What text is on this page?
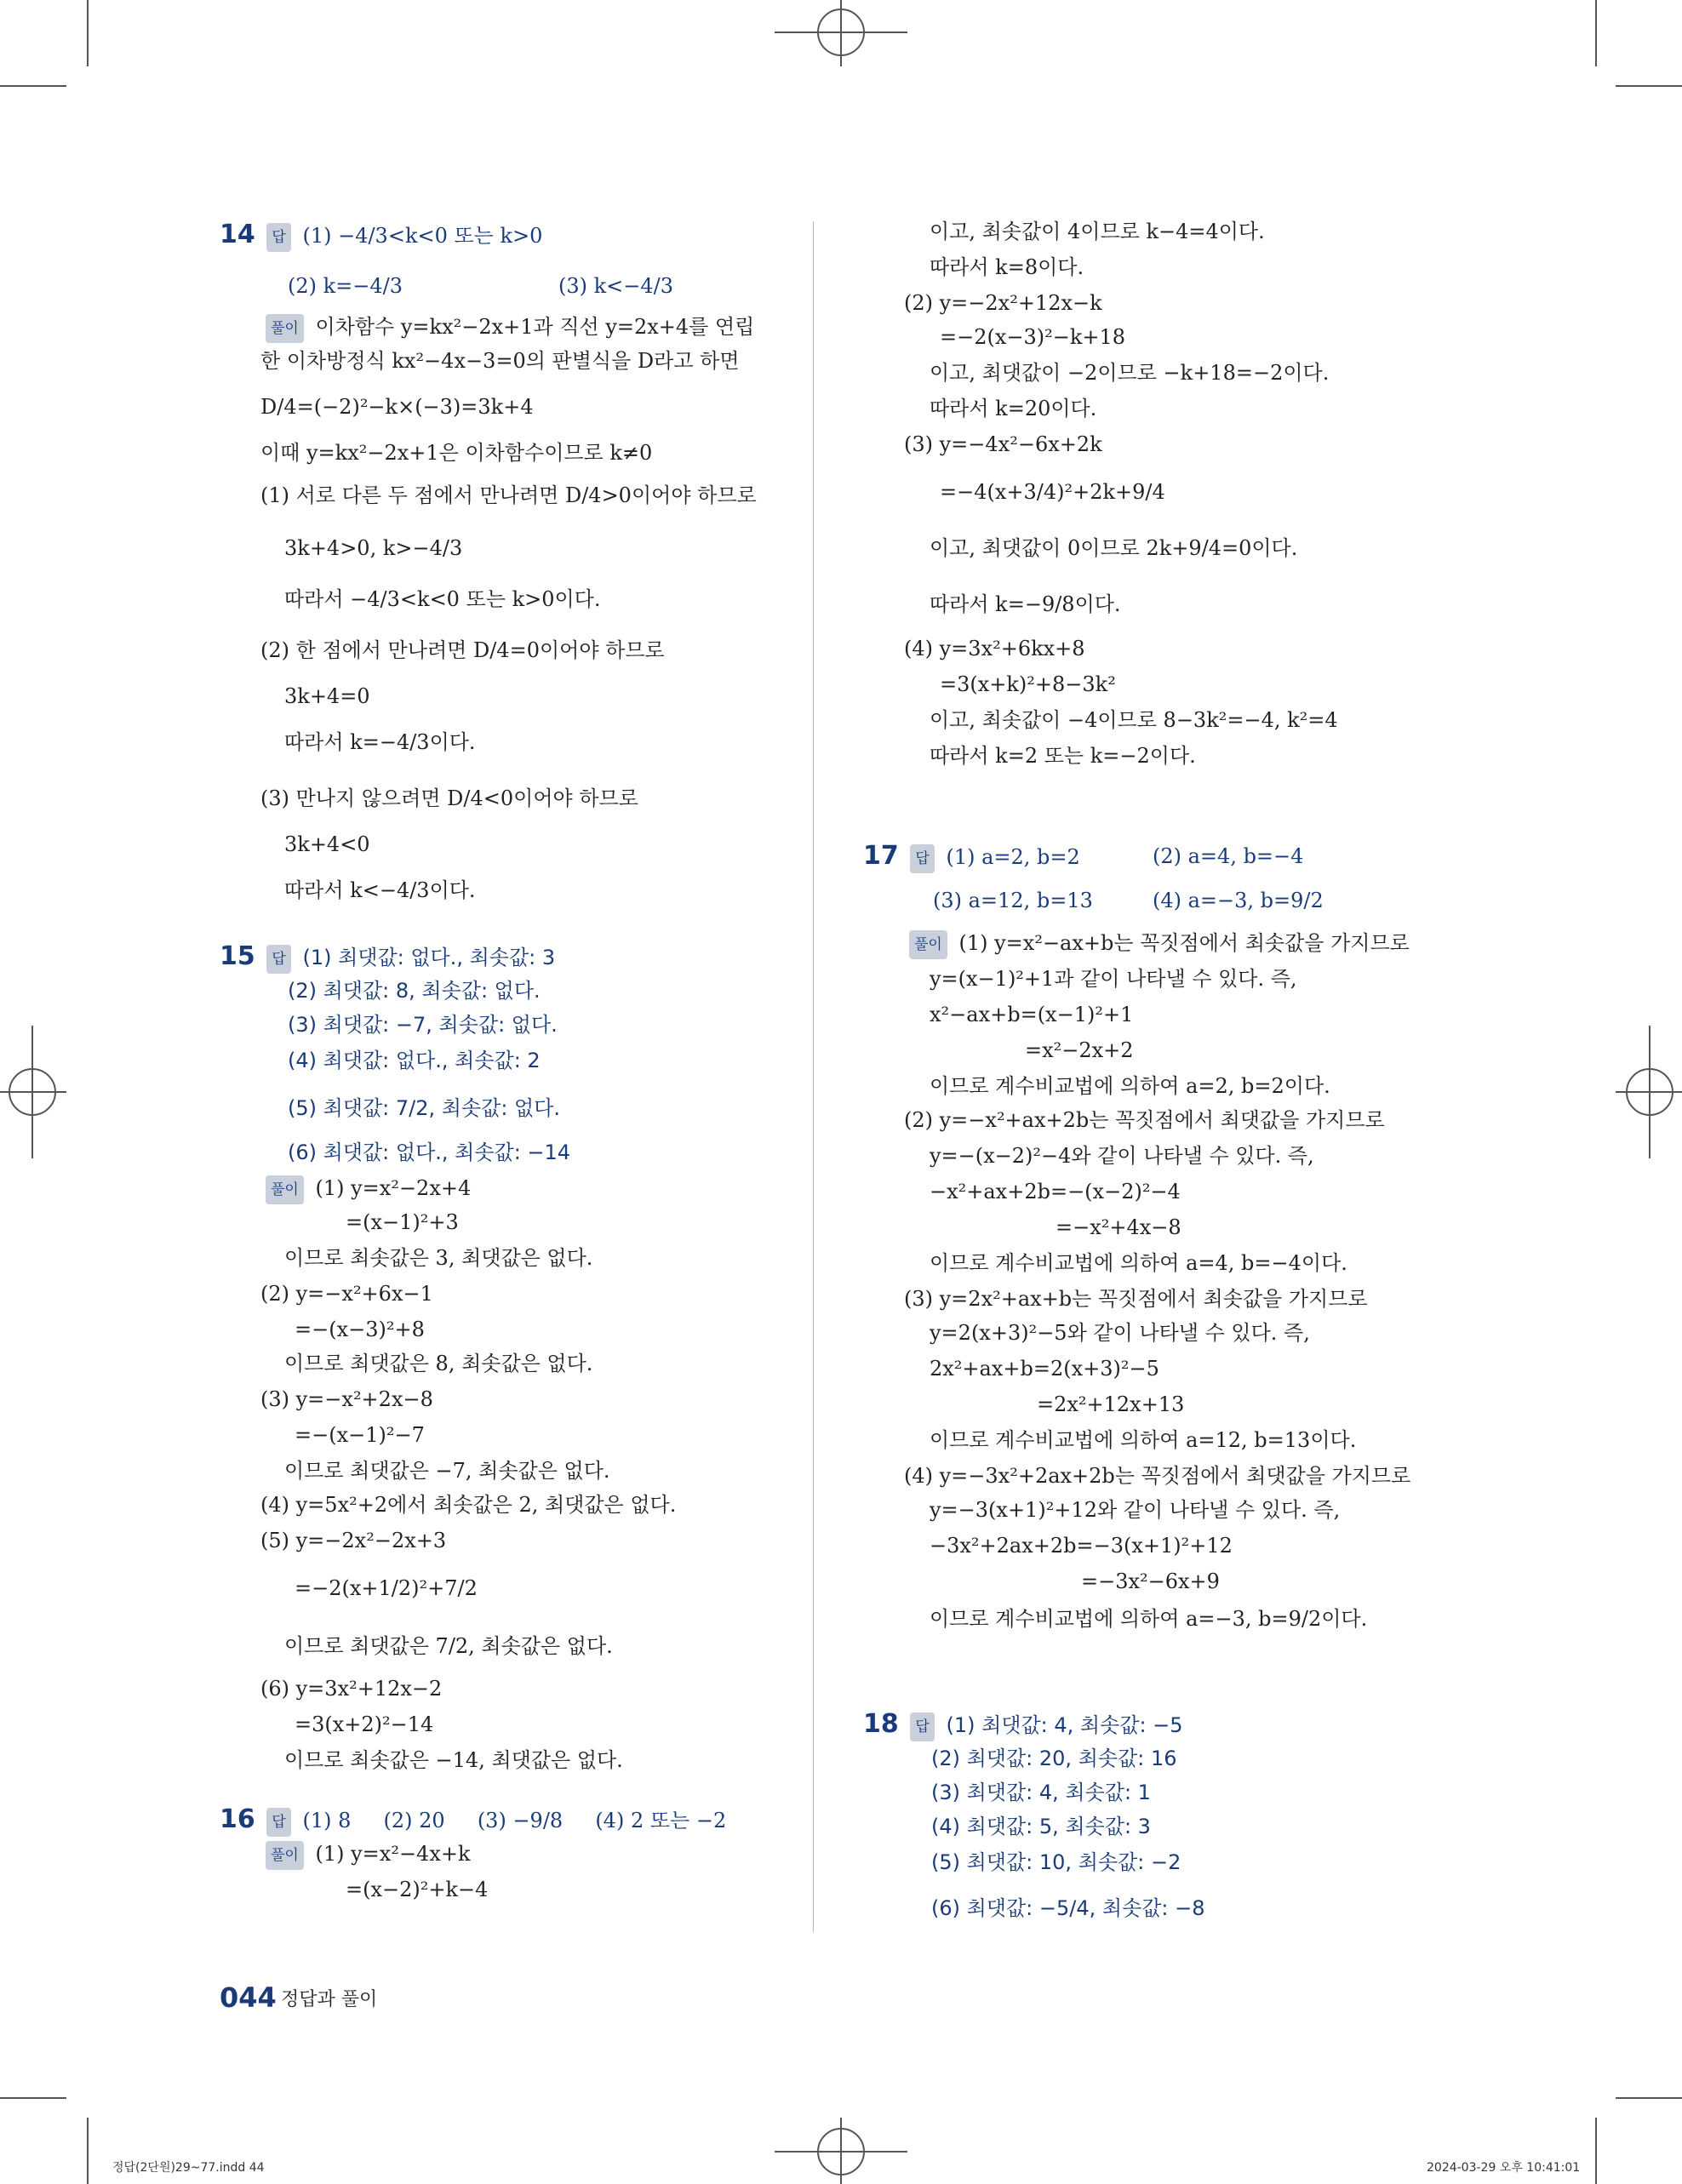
14 답 (1) −4/3<k<0 또는 k>0
(2) k=−4/3	(3) k<−4/3
풀이 이차함수 y=kx²−2x+1과 직선 y=2x+4를 연립
한 이차방정식 kx²−4x−3=0의 판별식을 D라고 하면
D/4=(−2)²−k×(−3)=3k+4
이때 y=kx²−2x+1은 이차함수이므로 k≠0
(1) 서로 다른 두 점에서 만나려면 D/4>0이어야 하므로
3k+4>0, k>−4/3
따라서 −4/3<k<0 또는 k>0이다.
(2) 한 점에서 만나려면 D/4=0이어야 하므로
3k+4=0
따라서 k=−4/3이다.
(3) 만나지 않으려면 D/4<0이어야 하므로
3k+4<0
따라서 k<−4/3이다.
15 답 (1) 최댓값: 없다., 최솟값: 3
(2) 최댓값: 8, 최솟값: 없다.
(3) 최댓값: −7, 최솟값: 없다.
(4) 최댓값: 없다., 최솟값: 2
(5) 최댓값: 7/2, 최솟값: 없다.
(6) 최댓값: 없다., 최솟값: −14
풀이 (1) y=x²−2x+4
=(x−1)²+3
이므로 최솟값은 3, 최댓값은 없다.
(2) y=−x²+6x−1
=−(x−3)²+8
이므로 최댓값은 8, 최솟값은 없다.
(3) y=−x²+2x−8
=−(x−1)²−7
이므로 최댓값은 −7, 최솟값은 없다.
(4) y=5x²+2에서 최솟값은 2, 최댓값은 없다.
(5) y=−2x²−2x+3
=−2(x+1/2)²+7/2
이므로 최댓값은 7/2, 최솟값은 없다.
(6) y=3x²+12x−2
=3(x+2)²−14
이므로 최솟값은 −14, 최댓값은 없다.
16 답 (1) 8     (2) 20     (3) −9/8     (4) 2 또는 −2
풀이 (1) y=x²−4x+k
=(x−2)²+k−4
이고, 최솟값이 4이므로 k−4=4이다.
따라서 k=8이다.
(2) y=−2x²+12x−k
=−2(x−3)²−k+18
이고, 최댓값이 −2이므로 −k+18=−2이다.
따라서 k=20이다.
(3) y=−4x²−6x+2k
=−4(x+3/4)²+2k+9/4
이고, 최댓값이 0이므로 2k+9/4=0이다.
따라서 k=−9/8이다.
(4) y=3x²+6kx+8
=3(x+k)²+8−3k²
이고, 최솟값이 −4이므로 8−3k²=−4, k²=4
따라서 k=2 또는 k=−2이다.
17 답 (1) a=2, b=2	(2) a=4, b=−4
(3) a=12, b=13	(4) a=−3, b=9/2
풀이 (1) y=x²−ax+b는 꼭짓점에서 최솟값을 가지므로
y=(x−1)²+1과 같이 나타낼 수 있다. 즉,
x²−ax+b=(x−1)²+1
=x²−2x+2
이므로 계수비교법에 의하여 a=2, b=2이다.
(2) y=−x²+ax+2b는 꼭짓점에서 최댓값을 가지므로
y=−(x−2)²−4와 같이 나타낼 수 있다. 즉,
−x²+ax+2b=−(x−2)²−4
=−x²+4x−8
이므로 계수비교법에 의하여 a=4, b=−4이다.
(3) y=2x²+ax+b는 꼭짓점에서 최솟값을 가지므로
y=2(x+3)²−5와 같이 나타낼 수 있다. 즉,
2x²+ax+b=2(x+3)²−5
=2x²+12x+13
이므로 계수비교법에 의하여 a=12, b=13이다.
(4) y=−3x²+2ax+2b는 꼭짓점에서 최댓값을 가지므로
y=−3(x+1)²+12와 같이 나타낼 수 있다. 즉,
−3x²+2ax+2b=−3(x+1)²+12
=−3x²−6x+9
이므로 계수비교법에 의하여 a=−3, b=9/2이다.
18 답 (1) 최댓값: 4, 최솟값: −5
(2) 최댓값: 20, 최솟값: 16
(3) 최댓값: 4, 최솟값: 1
(4) 최댓값: 5, 최솟값: 3
(5) 최댓값: 10, 최솟값: −2
(6) 최댓값: −5/4, 최솟값: −8
044 정답과 풀이
정답(2단원)29~77.indd 44	2024-03-29 오후 10:41:01
